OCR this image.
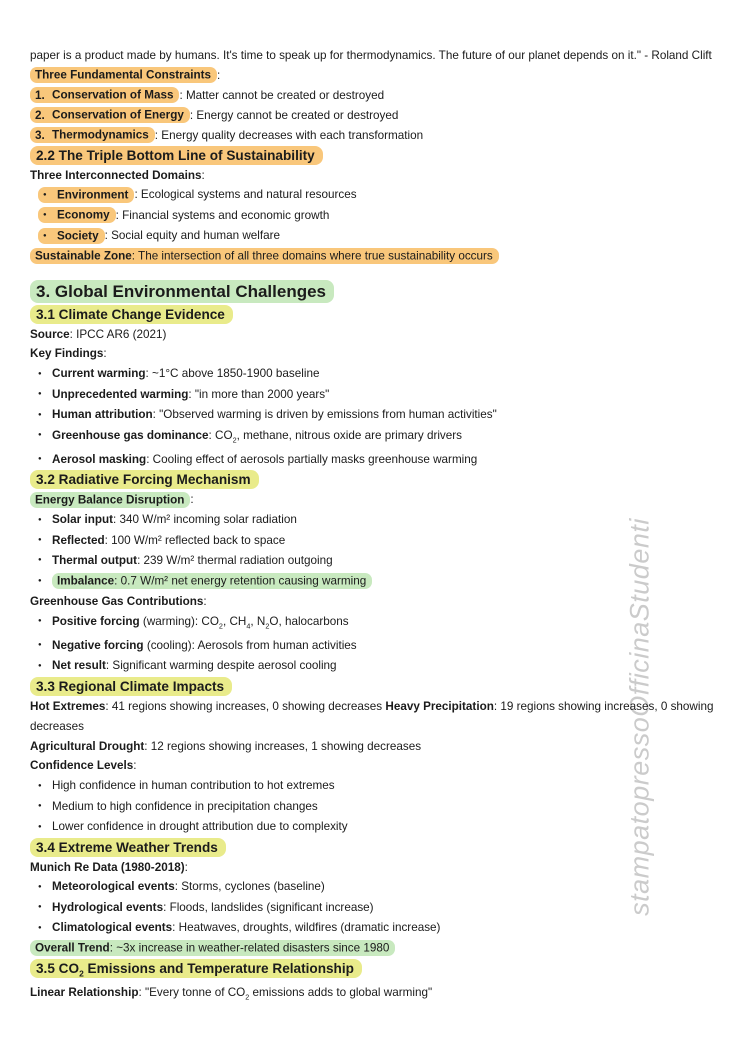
stampatopressoOfficinaStudenti
paper is a product made by humans. It's time to speak up for thermodynamics. The future of our planet depends on it." - Roland Clift
Three Fundamental Constraints :
1. Conservation of Mass : Matter cannot be created or destroyed
2. Conservation of Energy : Energy cannot be created or destroyed
3. Thermodynamics : Energy quality decreases with each transformation
2.2 The Triple Bottom Line of Sustainability
Three Interconnected Domains:
● Environment : Ecological systems and natural resources
● Economy : Financial systems and economic growth
● Society : Social equity and human welfare
Sustainable Zone: The intersection of all three domains where true sustainability occurs
3. Global Environmental Challenges
3.1 Climate Change Evidence
Source: IPCC AR6 (2021)
Key Findings:
● Current warming: ~1°C above 1850-1900 baseline
● Unprecedented warming: "in more than 2000 years"
● Human attribution: "Observed warming is driven by emissions from human activities"
● Greenhouse gas dominance: $CO_2$, methane, nitrous oxide are primary drivers
● Aerosol masking: Cooling effect of aerosols partially masks greenhouse warming
3.2 Radiative Forcing Mechanism
Energy Balance Disruption :
● Solar input: 340 W/m² incoming solar radiation
● Reflected: 100 W/m² reflected back to space
● Thermal output: 239 W/m² thermal radiation outgoing
● Imbalance: 0.7 W/m² net energy retention causing warming
Greenhouse Gas Contributions:
● Positive forcing (warming): $CO_2$, $CH_4$, $N_2O$, halocarbons
● Negative forcing (cooling): Aerosols from human activities
● Net result: Significant warming despite aerosol cooling
3.3 Regional Climate Impacts
Hot Extremes: 41 regions showing increases, 0 showing decreases Heavy Precipitation: 19 regions showing increases, 0 showing decreases
Agricultural Drought: 12 regions showing increases, 1 showing decreases
Confidence Levels:
● High confidence in human contribution to hot extremes
● Medium to high confidence in precipitation changes
● Lower confidence in drought attribution due to complexity
3.4 Extreme Weather Trends
Munich Re Data (1980-2018):
● Meteorological events: Storms, cyclones (baseline)
● Hydrological events: Floods, landslides (significant increase)
● Climatological events: Heatwaves, droughts, wildfires (dramatic increase)
Overall Trend: ~3x increase in weather-related disasters since 1980
3.5 $CO_2$ Emissions and Temperature Relationship
Linear Relationship: "Every tonne of $CO_2$ emissions adds to global warming"
